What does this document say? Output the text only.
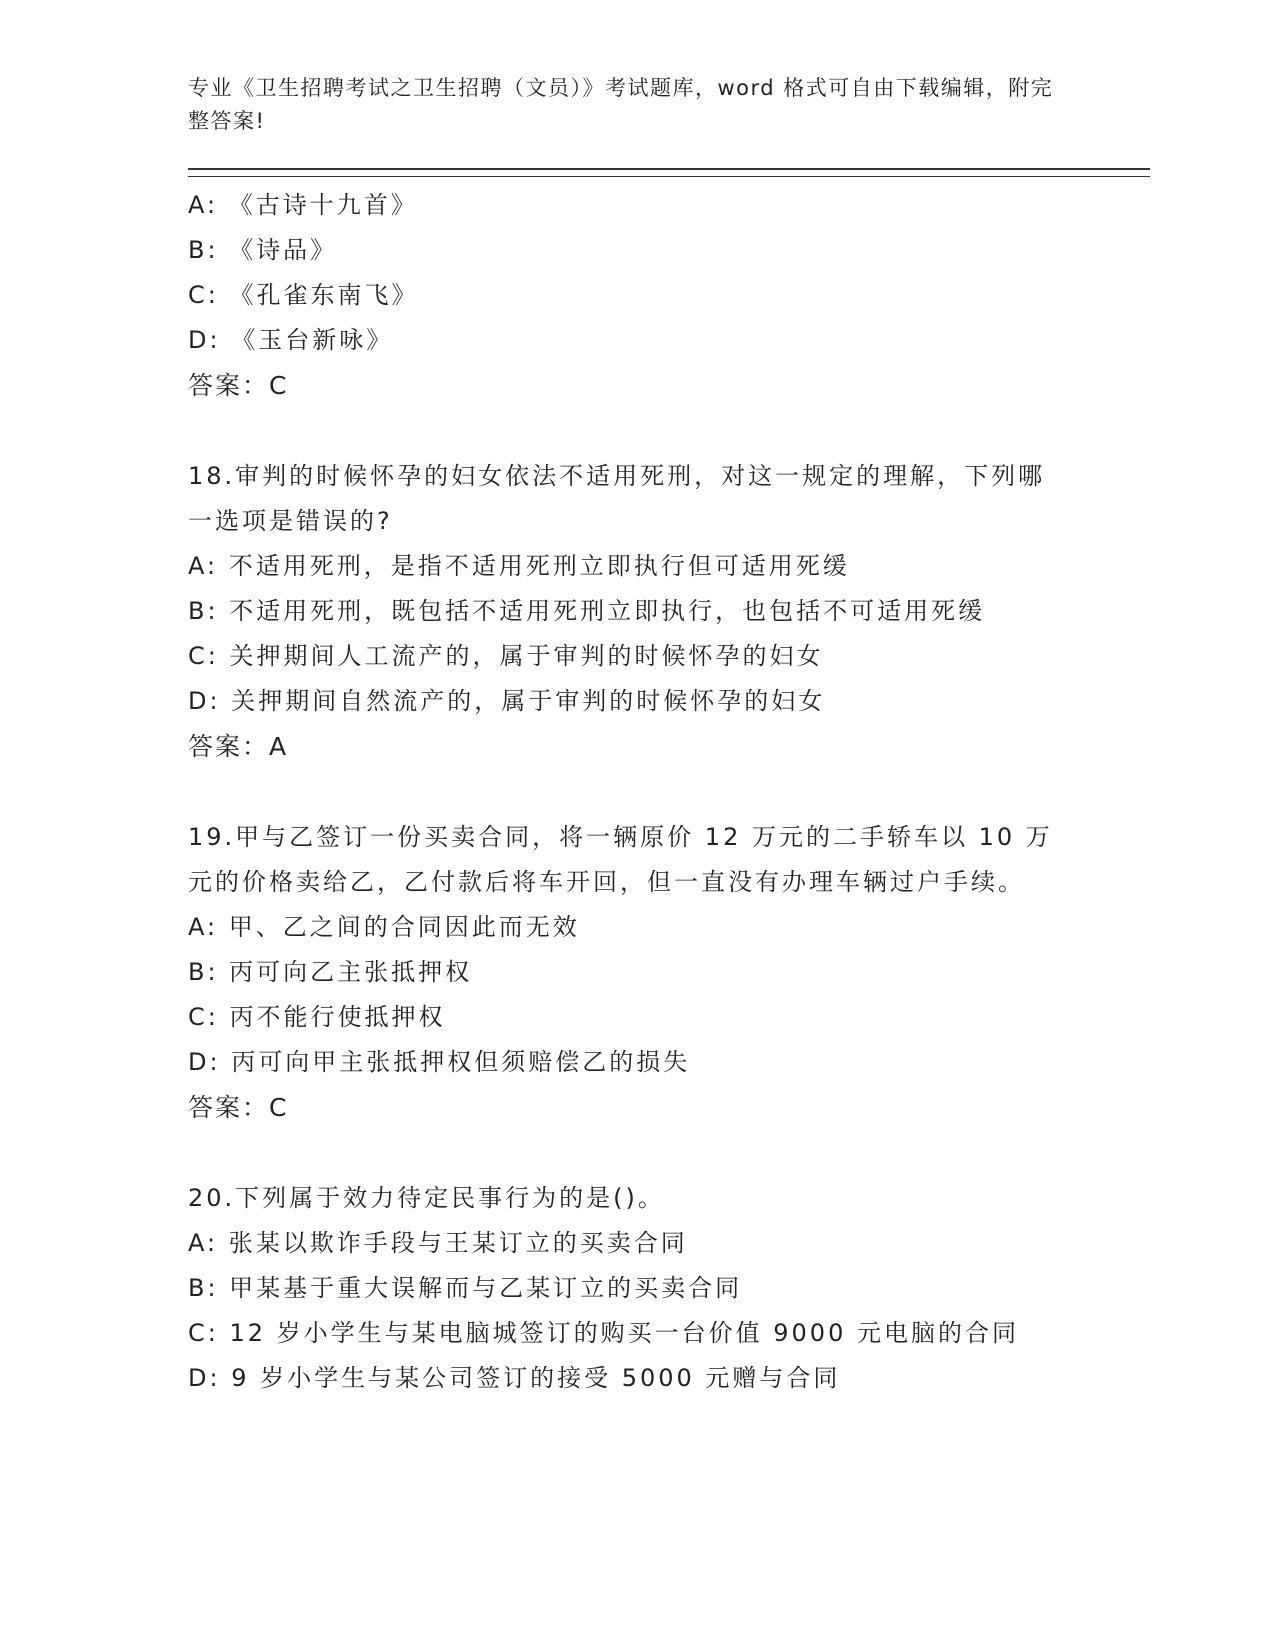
专业《卫生招聘考试之卫生招聘（文员）》考试题库，word 格式可自由下载编辑，附完整答案!
A: 《古诗十九首》
B: 《诗品》
C: 《孔雀东南飞》
D: 《玉台新咏》
答案：C
18.审判的时候怀孕的妇女依法不适用死刑，对这一规定的理解，下列哪一选项是错误的?
A: 不适用死刑，是指不适用死刑立即执行但可适用死缓
B: 不适用死刑，既包括不适用死刑立即执行，也包括不可适用死缓
C: 关押期间人工流产的，属于审判的时候怀孕的妇女
D: 关押期间自然流产的，属于审判的时候怀孕的妇女
答案：A
19.甲与乙签订一份买卖合同，将一辆原价 12 万元的二手轿车以 10 万元的价格卖给乙，乙付款后将车开回，但一直没有办理车辆过户手续。
A: 甲、乙之间的合同因此而无效
B: 丙可向乙主张抵押权
C: 丙不能行使抵押权
D: 丙可向甲主张抵押权但须赔偿乙的损失
答案：C
20.下列属于效力待定民事行为的是()。
A: 张某以欺诈手段与王某订立的买卖合同
B: 甲某基于重大误解而与乙某订立的买卖合同
C: 12 岁小学生与某电脑城签订的购买一台价值 9000 元电脑的合同
D: 9 岁小学生与某公司签订的接受 5000 元赠与合同
